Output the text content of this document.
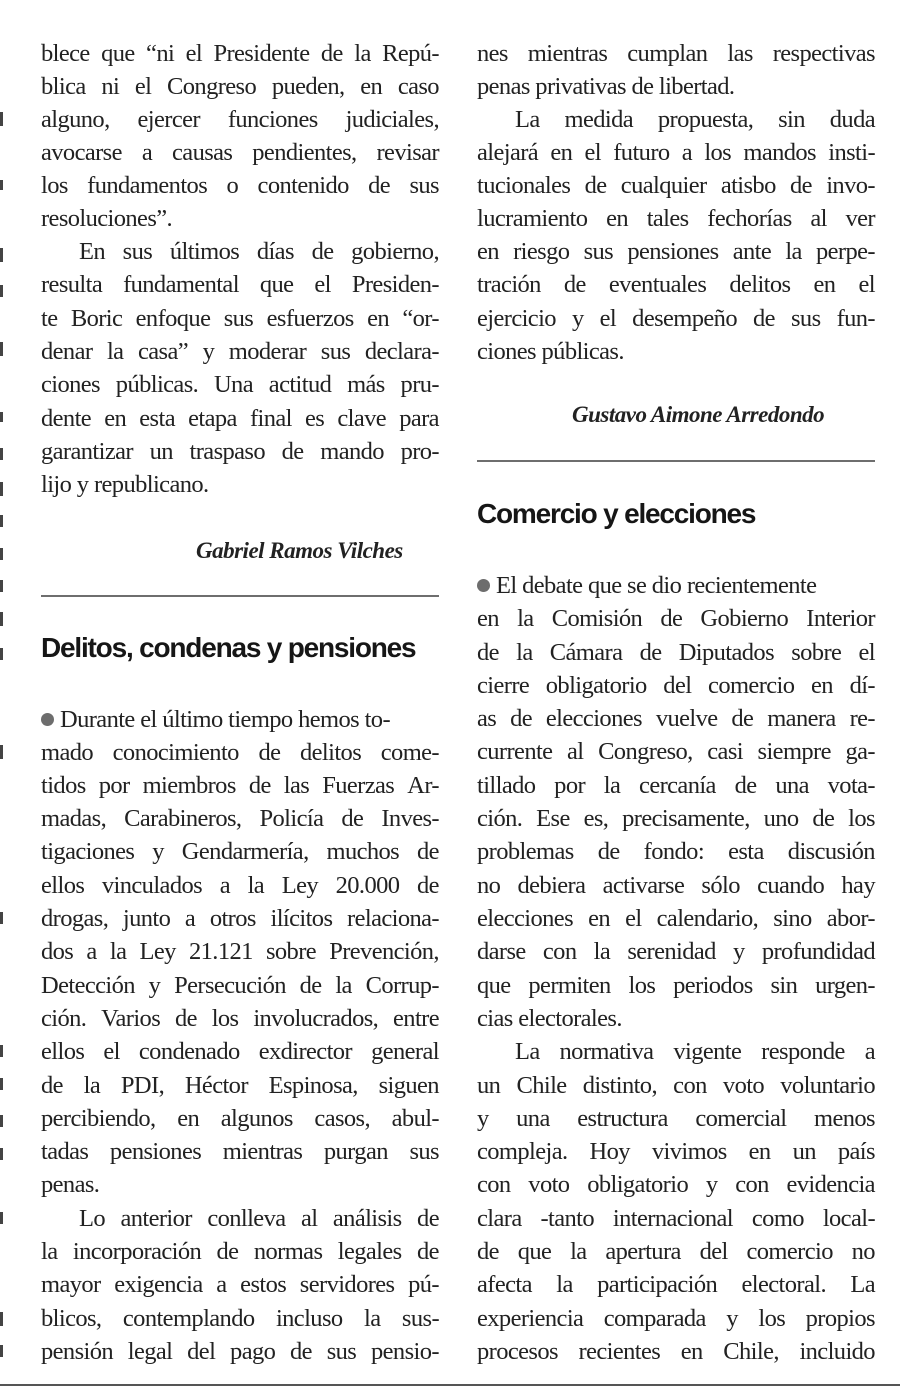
blece que “ni el Presidente de la Repú-
blica ni el Congreso pueden, en caso
alguno, ejercer funciones judiciales,
avocarse a causas pendientes, revisar
los fundamentos o contenido de sus
resoluciones”.
En sus últimos días de gobierno,
resulta fundamental que el Presiden-
te Boric enfoque sus esfuerzos en “or-
denar la casa” y moderar sus declara-
ciones públicas. Una actitud más pru-
dente en esta etapa final es clave para
garantizar un traspaso de mando pro-
lijo y republicano.
Gabriel Ramos Vilches
Delitos, condenas y pensiones
Durante el último tiempo hemos to-
mado conocimiento de delitos come-
tidos por miembros de las Fuerzas Ar-
madas, Carabineros, Policía de Inves-
tigaciones y Gendarmería, muchos de
ellos vinculados a la Ley 20.000 de
drogas, junto a otros ilícitos relaciona-
dos a la Ley 21.121 sobre Prevención,
Detección y Persecución de la Corrup-
ción. Varios de los involucrados, entre
ellos el condenado exdirector general
de la PDI, Héctor Espinosa, siguen
percibiendo, en algunos casos, abul-
tadas pensiones mientras purgan sus
penas.
Lo anterior conlleva al análisis de
la incorporación de normas legales de
mayor exigencia a estos servidores pú-
blicos, contemplando incluso la sus-
pensión legal del pago de sus pensio-
nes mientras cumplan las respectivas
penas privativas de libertad.
La medida propuesta, sin duda
alejará en el futuro a los mandos insti-
tucionales de cualquier atisbo de invo-
lucramiento en tales fechorías al ver
en riesgo sus pensiones ante la perpe-
tración de eventuales delitos en el
ejercicio y el desempeño de sus fun-
ciones públicas.
Gustavo Aimone Arredondo
Comercio y elecciones
El debate que se dio recientemente
en la Comisión de Gobierno Interior
de la Cámara de Diputados sobre el
cierre obligatorio del comercio en dí-
as de elecciones vuelve de manera re-
currente al Congreso, casi siempre ga-
tillado por la cercanía de una vota-
ción. Ese es, precisamente, uno de los
problemas de fondo: esta discusión
no debiera activarse sólo cuando hay
elecciones en el calendario, sino abor-
darse con la serenidad y profundidad
que permiten los periodos sin urgen-
cias electorales.
La normativa vigente responde a
un Chile distinto, con voto voluntario
y una estructura comercial menos
compleja. Hoy vivimos en un país
con voto obligatorio y con evidencia
clara -tanto internacional como local-
de que la apertura del comercio no
afecta la participación electoral. La
experiencia comparada y los propios
procesos recientes en Chile, incluido
